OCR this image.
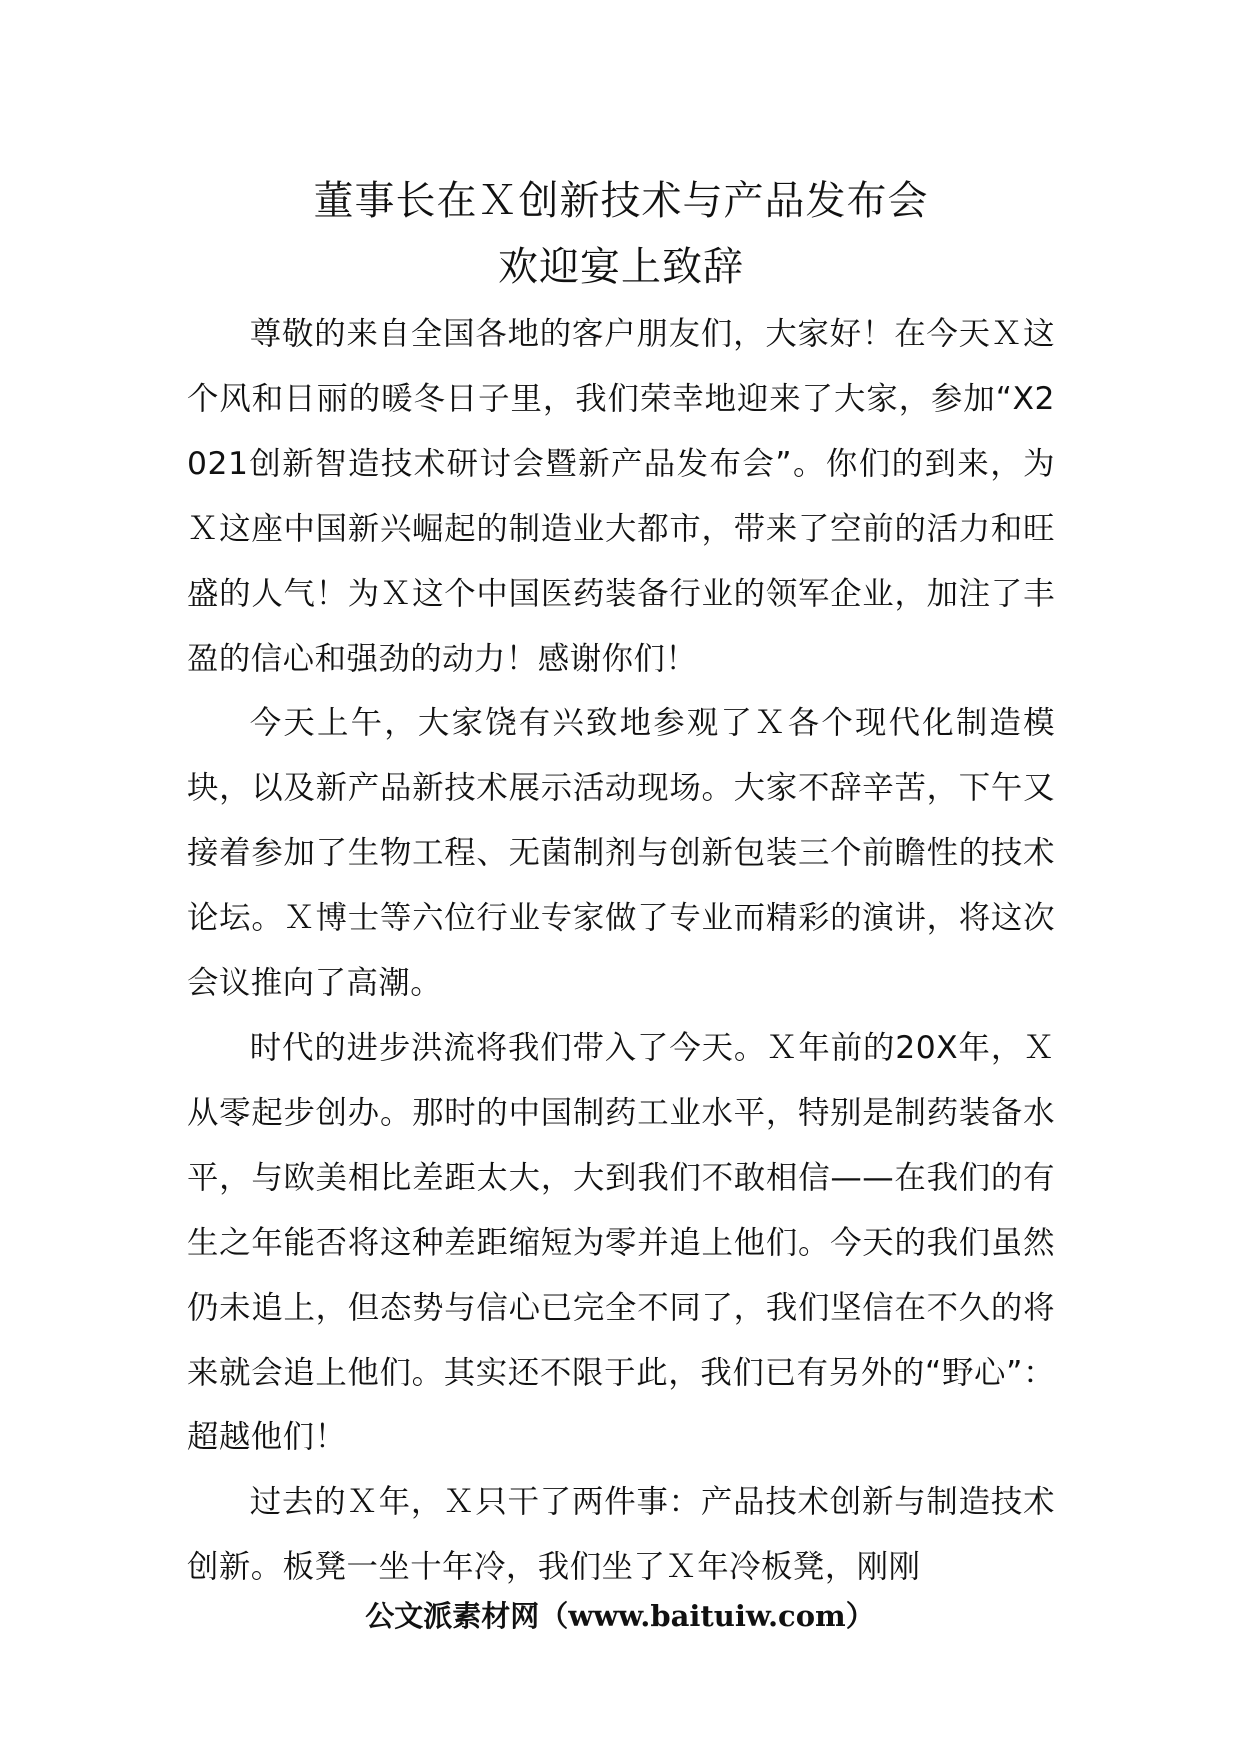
董事长在Ｘ创新技术与产品发布会
欢迎宴上致辞

尊敬的来自全国各地的客户朋友们，大家好！在今天Ｘ这个风和日丽的暖冬日子里，我们荣幸地迎来了大家，参加“X2021创新智造技术研讨会暨新产品发布会”。你们的到来，为Ｘ这座中国新兴崛起的制造业大都市，带来了空前的活力和旺盛的人气！为Ｘ这个中国医药装备行业的领军企业，加注了丰盈的信心和强劲的动力！感谢你们！

今天上午，大家饶有兴致地参观了Ｘ各个现代化制造模块，以及新产品新技术展示活动现场。大家不辞辛苦，下午又接着参加了生物工程、无菌制剂与创新包装三个前瞻性的技术论坛。Ｘ博士等六位行业专家做了专业而精彩的演讲，将这次会议推向了高潮。

时代的进步洪流将我们带入了今天。Ｘ年前的20X年，Ｘ从零起步创办。那时的中国制药工业水平，特别是制药装备水平，与欧美相比差距太大，大到我们不敢相信——在我们的有生之年能否将这种差距缩短为零并追上他们。今天的我们虽然仍未追上，但态势与信心已完全不同了，我们坚信在不久的将来就会追上他们。其实还不限于此，我们已有另外的“野心”：超越他们！

过去的Ｘ年，Ｘ只干了两件事：产品技术创新与制造技术创新。板凳一坐十年冷，我们坐了Ｘ年冷板凳，刚刚

公文派素材网（www.baituiw.com）
